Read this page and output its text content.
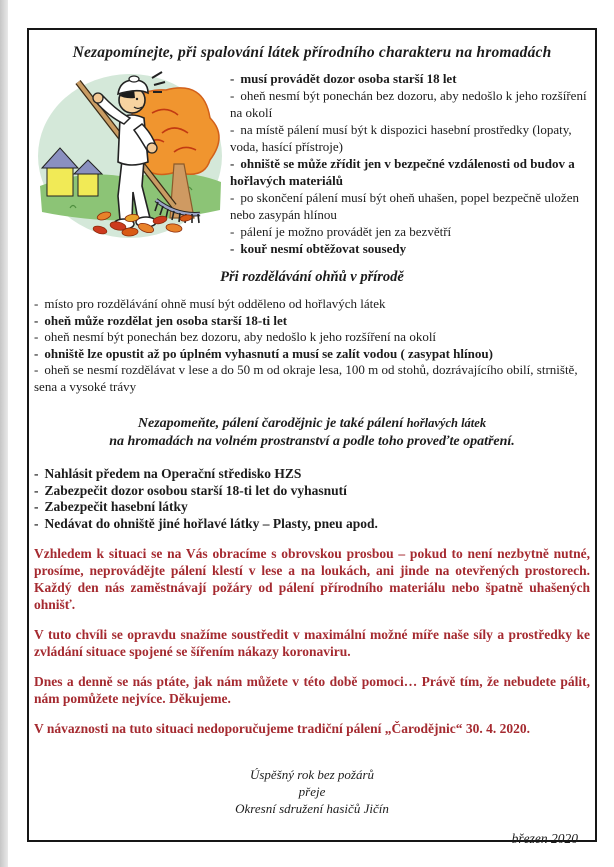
Nezapomínejte, při spalování látek přírodního charakteru na hromadách
- musí provádět dozor osoba starší 18 let
- oheň nesmí být ponechán bez dozoru, aby nedošlo k jeho rozšíření na okolí
- na místě pálení musí být k dispozici hasební prostředky (lopaty, voda, hasící přístroje)
- ohniště se může zřídit jen v bezpečné vzdálenosti od budov a hořlavých materiálů
- po skončení pálení musí být oheň uhašen, popel bezpečně uložen nebo zasypán hlínou
- pálení je možno provádět jen za bezvětří
- kouř nesmí obtěžovat sousedy
Při rozdělávání ohňů v přírodě
- místo pro rozdělávání ohně musí být odděleno od hořlavých látek
- oheň může rozdělat jen osoba starší 18-ti let
- oheň nesmí být ponechán bez dozoru, aby nedošlo k jeho rozšíření na okolí
- ohniště lze opustit až po úplném vyhasnutí a musí se zalít vodou ( zasypat hlínou)
- oheň se nesmí rozdělávat v lese a do 50 m od okraje lesa, 100 m od stohů, dozrávajícího obilí, strniště, sena a vysoké trávy
Nezapomeňte, pálení čarodějnic je také pálení hořlavých látek
na hromadách na volném prostranství a podle toho proveďte opatření.
- Nahlásit předem na Operační středisko HZS
- Zabezpečit dozor osobou starší 18-ti let do vyhasnutí
- Zabezpečit hasební látky
- Nedávat do ohniště jiné hořlavé látky – Plasty, pneu apod.

Vzhledem k situaci se na Vás obracíme s obrovskou prosbou – pokud to není nezbytně nutné, prosíme, neprovádějte pálení klestí v lese a na loukách, ani jinde na otevřených prostorech. Každý den nás zaměstnávají požáry od pálení přírodního materiálu nebo špatně uhašených ohnišť.

V tuto chvíli se opravdu snažíme soustředit v maximální možné míře naše síly a prostředky ke zvládání situace spojené se šířením nákazy koronaviru.

Dnes a denně se nás ptáte, jak nám můžete v této době pomoci… Právě tím, že nebudete pálit, nám pomůžete nejvíce. Děkujeme.

V návaznosti na tuto situaci nedoporučujeme tradiční pálení „Čarodějnic“ 30. 4. 2020.

Úspěšný rok bez požárů
přeje
Okresní sdružení hasičů Jičín
březen 2020
